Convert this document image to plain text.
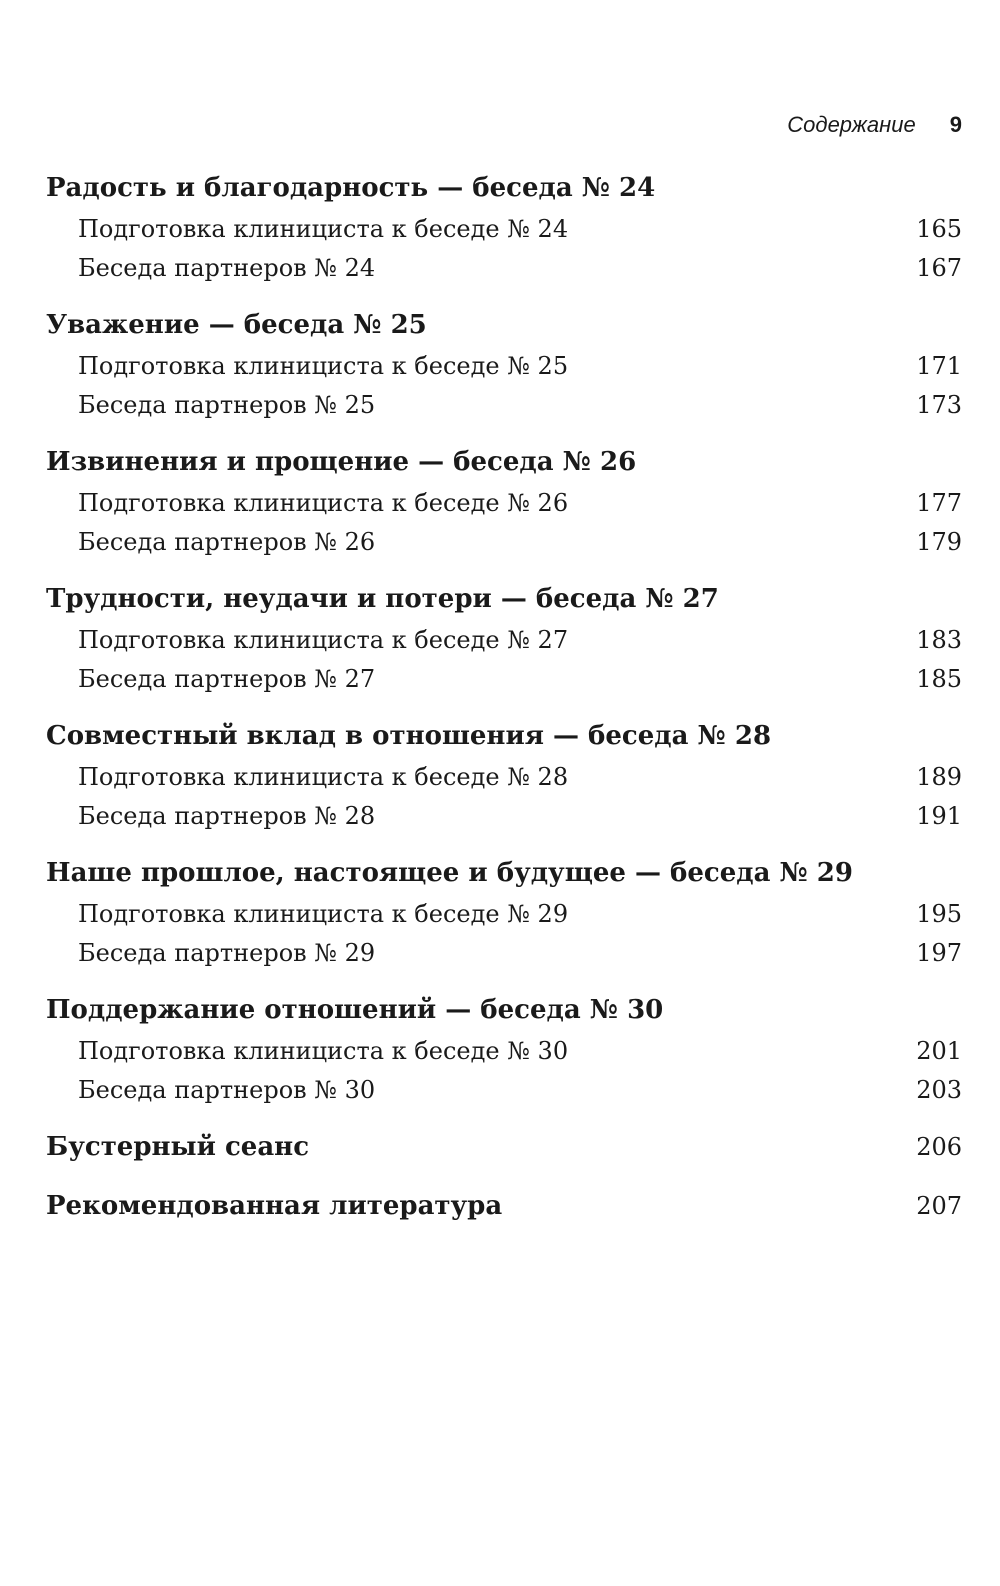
Содержание 9
Радость и благодарность — беседа № 24
Подготовка клинициста к беседе № 24	165
Беседа партнеров № 24	167
Уважение — беседа № 25
Подготовка клинициста к беседе № 25	171
Беседа партнеров № 25	173
Извинения и прощение — беседа № 26
Подготовка клинициста к беседе № 26	177
Беседа партнеров № 26	179
Трудности, неудачи и потери — беседа № 27
Подготовка клинициста к беседе № 27	183
Беседа партнеров № 27	185
Совместный вклад в отношения — беседа № 28
Подготовка клинициста к беседе № 28	189
Беседа партнеров № 28	191
Наше прошлое, настоящее и будущее — беседа № 29
Подготовка клинициста к беседе № 29	195
Беседа партнеров № 29	197
Поддержание отношений — беседа № 30
Подготовка клинициста к беседе № 30	201
Беседа партнеров № 30	203
Бустерный сеанс	206
Рекомендованная литература	207
